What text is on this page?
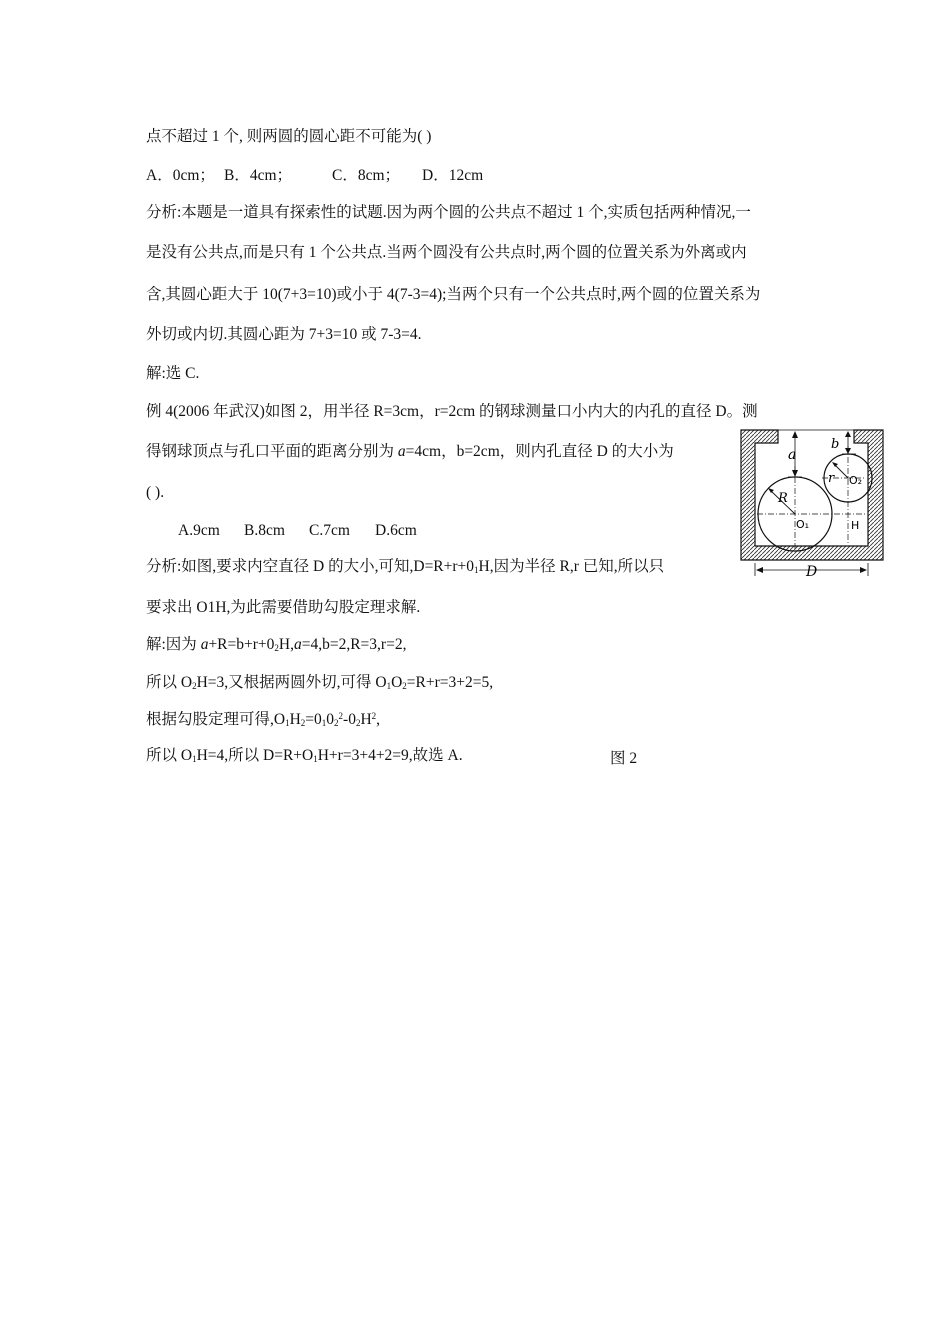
点不超过 1 个, 则两圆的圆心距不可能为( )
A．0cm； B．4cm；	C．8cm； D．12cm
分析:本题是一道具有探索性的试题.因为两个圆的公共点不超过 1 个,实质包括两种情况,一
是没有公共点,而是只有 1 个公共点.当两个圆没有公共点时,两个圆的位置关系为外离或内
含,其圆心距大于 10(7+3=10)或小于 4(7-3=4);当两个只有一个公共点时,两个圆的位置关系为
外切或内切.其圆心距为 7+3=10 或 7-3=4.
解:选 C.
例 4(2006 年武汉)如图 2，用半径 R=3cm，r=2cm 的钢球测量口小内大的内孔的直径 D。测
得钢球顶点与孔口平面的距离分别为 a=4cm，b=2cm，则内孔直径 D 的大小为
( ).
A.9cm B.8cm C.7cm D.6cm
分析:如图,要求内空直径 D 的大小,可知$,D=R+r+0_1H$,因为半径 R,r 已知,所以只
要求出 O1H,为此需要借助勾股定理求解.
解:因为 $a+R=b+r+0_2H,a=4,b=2,R=3,r=2$,
所以 $O_2H=3$,又根据两圆外切,可得 $O_1O_2=R+r=3+2=5$,
根据勾股定理可得$,O_1H_2=0_10_2^2-0_2H^2$,
所以 $O_1H=4$,所以 $D=R+O_1H+r=3+4+2=9$,故选 A.
a
b
R
r
O₁
O₂
H
D
图 2
